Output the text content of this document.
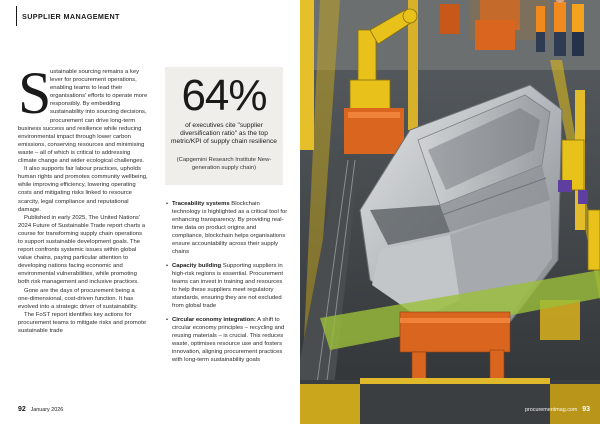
SUPPLIER MANAGEMENT
S

ustainable sourcing remains a key lever for procurement operations, enabling teams to lead their organisations' efforts to operate more responsibly. By embedding sustainability into sourcing decisions, procurement can drive long-term business success and resilience while reducing environmental impact through lower carbon emissions, conserving resources and minimising waste – all of which is critical to addressing climate change and wider ecological challenges.

It also supports fair labour practices, upholds human rights and promotes community wellbeing, while improving efficiency, lowering operating costs and mitigating risks linked to resource scarcity, legal compliance and reputational damage.

Published in early 2025, The United Nations' 2024 Future of Sustainable Trade report charts a course for transforming supply chain operations to support sustainable development goals. The report confronts systemic issues within global value chains, paying particular attention to developing nations facing economic and environmental vulnerabilities, while promoting both risk management and inclusive practices.

Gone are the days of procurement being a one-dimensional, cost-driven function. It has evolved into a strategic driver of sustainability.

The FoST report identifies key actions for procurement teams to mitigate risks and promote sustainable trade

64%
of executives cite "supplier diversification ratio" as the top metric/KPI of supply chain resilience
(Capgemini Research Institute New-generation supply chain)
• Traceability systems Blockchain technology is highlighted as a critical tool for enhancing transparency. By providing real-time data on product origins and compliance, blockchain helps organisations ensure accountability across their supply chains
• Capacity building Supporting suppliers in high-risk regions is essential. Procurement teams can invest in training and resources to help these suppliers meet regulatory standards, ensuring they are not excluded from global trade
• Circular economy integration: A shift to circular economy principles – recycling and reusing materials – is crucial. This reduces waste, optimises resource use and fosters innovation, aligning procurement practices with long-term sustainability goals
92 January 2026	procurementmag.com 93
